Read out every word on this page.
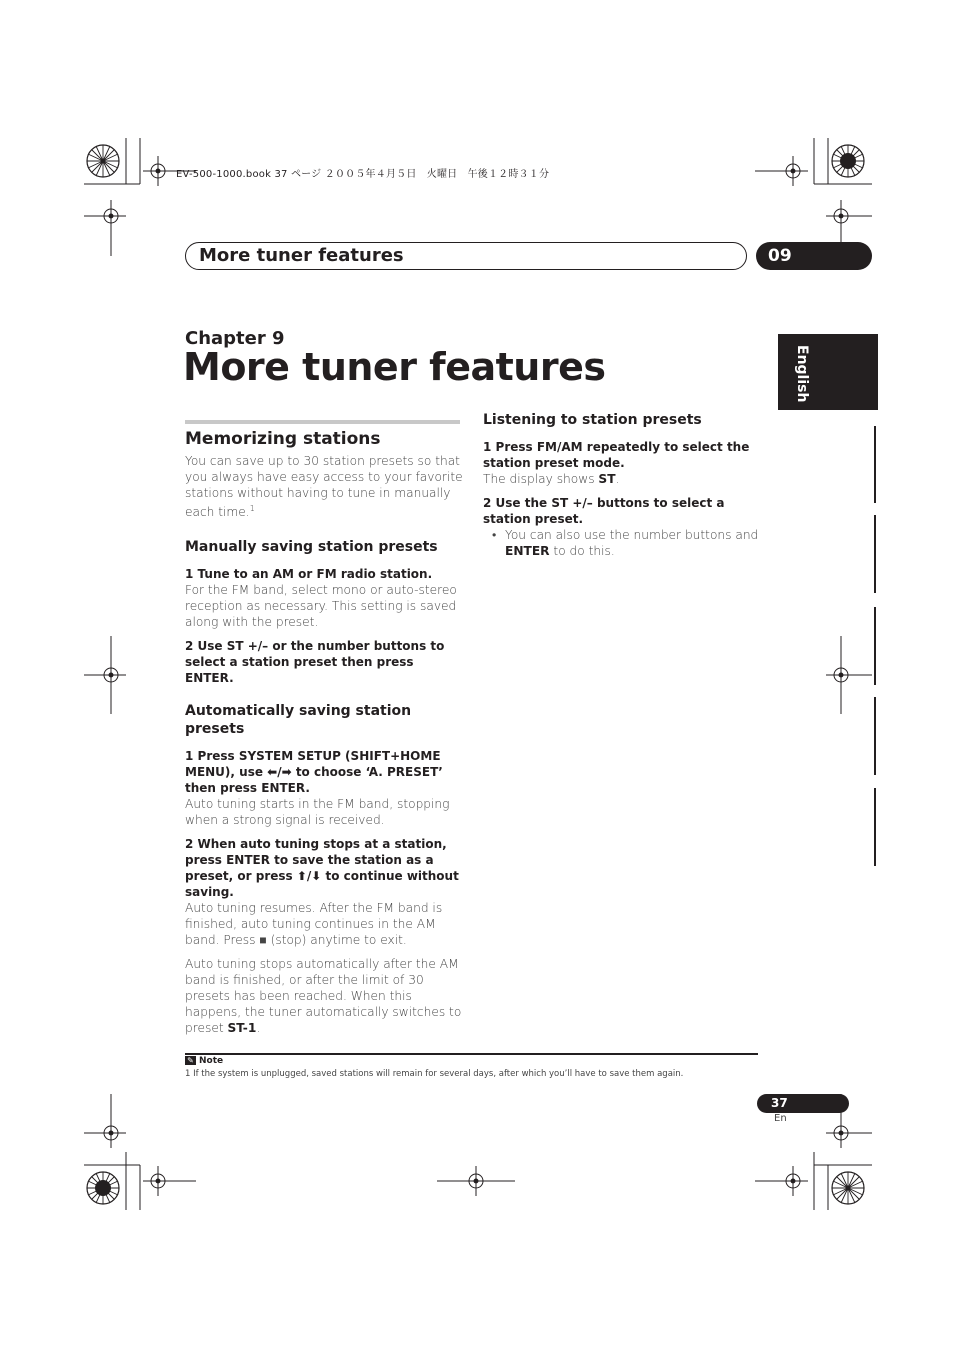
EV-500-1000.book 37 ページ ２００５年４月５日　火曜日　午後１２時３１分
More tuner features	09
English
Chapter 9
More tuner features
Memorizing stations

You can save up to 30 station presets so that you always have easy access to your favorite stations without having to tune in manually each time.$^1$

Manually saving station presets

1 Tune to an AM or FM radio station.

For the FM band, select mono or auto-stereo reception as necessary. This setting is saved along with the preset.

2 Use ST +/– or the number buttons to select a station preset then press ENTER.

Automatically saving station presets

1 Press SYSTEM SETUP (SHIFT+HOME MENU), use ⬅/➡ to choose ‘A. PRESET’ then press ENTER.

Auto tuning starts in the FM band, stopping when a strong signal is received.

2 When auto tuning stops at a station, press ENTER to save the station as a preset, or press ⬆/⬇ to continue without saving.

Auto tuning resumes. After the FM band is finished, auto tuning continues in the AM band. Press ■ (stop) anytime to exit.

Auto tuning stops automatically after the AM band is finished, or after the limit of 30 presets has been reached. When this happens, the tuner automatically switches to preset ST-1.

Listening to station presets

1 Press FM/AM repeatedly to select the station preset mode.

The display shows ST.

2 Use the ST +/– buttons to select a station preset.

• You can also use the number buttons and ENTER to do this.

✎ Note
1 If the system is unplugged, saved stations will remain for several days, after which you’ll have to save them again.
37
En
